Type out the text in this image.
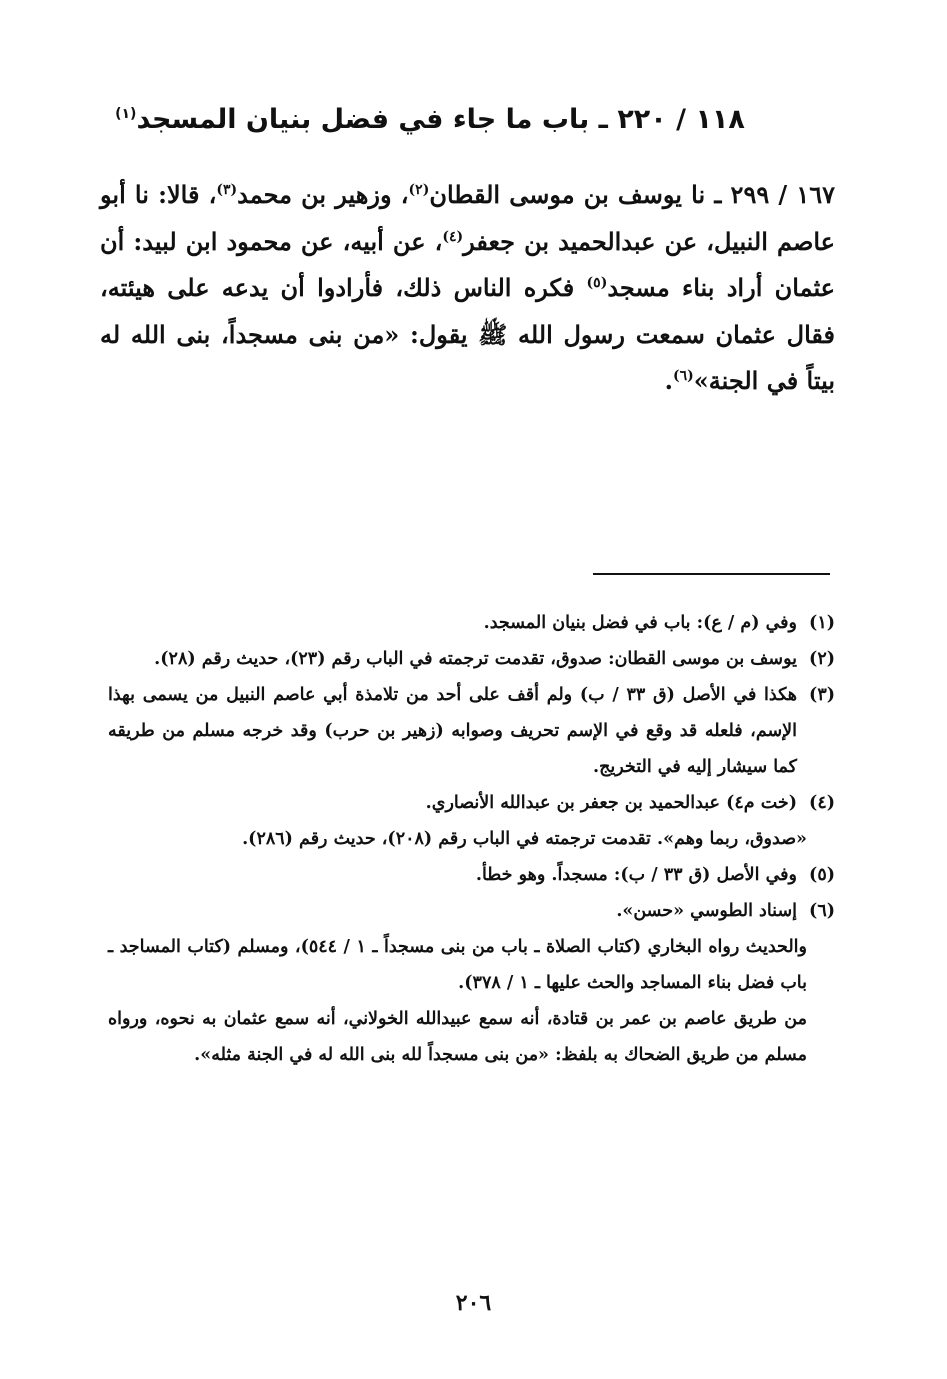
١١٨ / ٢٢٠ ـ باب ما جاء في فضل بنيان المسجد$^{(١)}$
١٦٧ / ٢٩٩ ـ نا يوسف بن موسى القطان$^{(٢)}$، وزهير بن محمد$^{(٣)}$، قالا: نا أبو عاصم النبيل، عن عبدالحميد بن جعفر$^{(٤)}$، عن أبيه، عن محمود ابن لبيد: أن عثمان أراد بناء مسجد$^{(٥)}$ فكره الناس ذلك، فأرادوا أن يدعه على هيئته، فقال عثمان سمعت رسول الله ﷺ يقول: «من بنى مسجداً، بنى الله له بيتاً في الجنة»$^{(٦)}$.
(١)
وفي (م / ع): باب في فضل بنيان المسجد.
(٢)
يوسف بن موسى القطان: صدوق، تقدمت ترجمته في الباب رقم (٢٣)، حديث رقم (٢٨).
(٣)
هكذا في الأصل (ق ٣٣ / ب) ولم أقف على أحد من تلامذة أبي عاصم النبيل من يسمى بهذا الإسم، فلعله قد وقع في الإسم تحريف وصوابه (زهير بن حرب) وقد خرجه مسلم من طريقه كما سيشار إليه في التخريج.
(٤)
(خت م٤) عبدالحميد بن جعفر بن عبدالله الأنصاري.
«صدوق، ربما وهم». تقدمت ترجمته في الباب رقم (٢٠٨)، حديث رقم (٢٨٦).
(٥)
وفي الأصل (ق ٣٣ / ب): مسجداً. وهو خطأ.
(٦)
إسناد الطوسي «حسن».
والحديث رواه البخاري (كتاب الصلاة ـ باب من بنى مسجداً ـ ١ / ٥٤٤)، ومسلم (كتاب المساجد ـ باب فضل بناء المساجد والحث عليها ـ ١ / ٣٧٨).
من طريق عاصم بن عمر بن قتادة، أنه سمع عبيدالله الخولاني، أنه سمع عثمان به نحوه، ورواه مسلم من طريق الضحاك به بلفظ: «من بنى مسجداً لله بنى الله له في الجنة مثله».
٢٠٦
